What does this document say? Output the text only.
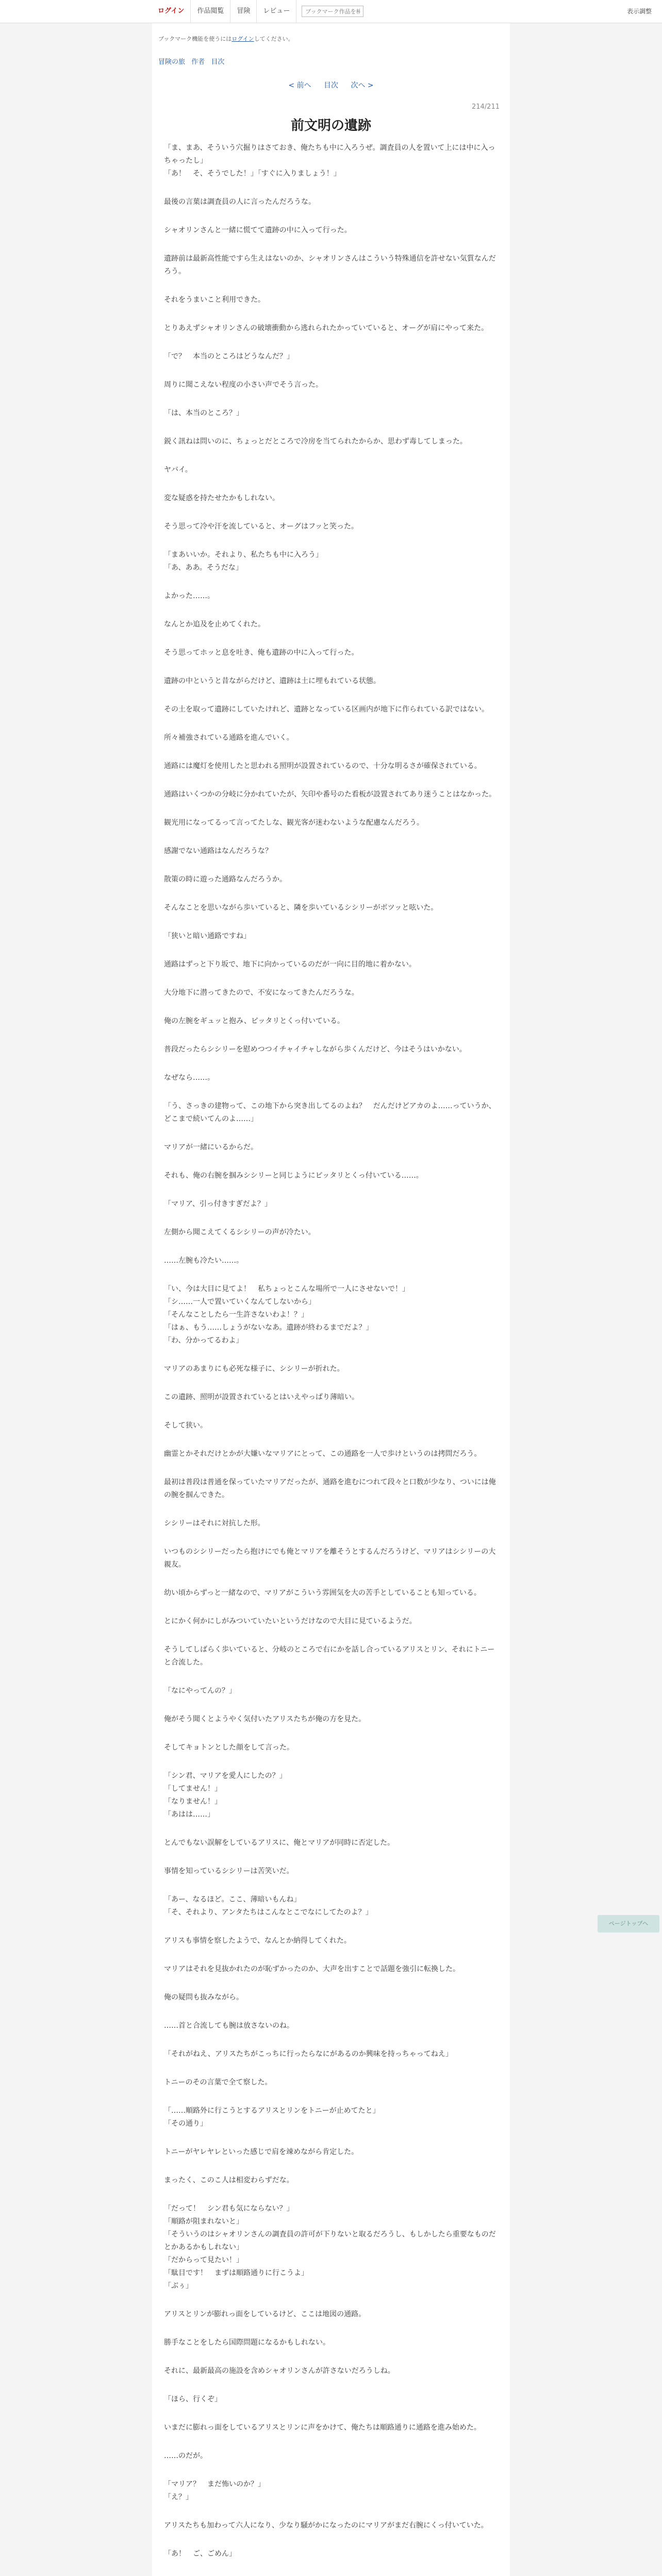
ログイン	作品閲覧	冒険	レビュー
ブックマーク作品を検索	表示調整
ブックマーク機能を使うにはログインしてください。
冒険の旅 作者 目次
< 前へ 目次 次へ >
214/211
前文明の遺跡
「ま、まあ、そういう穴掘りはさておき、俺たちも中に入ろうぜ。調査員の人を置いて上には中に入っちゃったし」
「あ！　そ、そうでした！」「すぐに入りましょう！」
最後の言葉は調査員の人に言ったんだろうな。
シャオリンさんと一緒に慌てて遺跡の中に入って行った。
遺跡前は最新高性能ですら生えはないのか、シャオリンさんはこういう特殊通信を許せない気質なんだろう。
それをうまいこと利用できた。
とりあえずシャオリンさんの破壊衝動から逃れられたかっていていると、オーグが肩にやって来た。
「で？　本当のところはどうなんだ？」
周りに聞こえない程度の小さい声でそう言った。
「は、本当のところ？」
鋭く訊ねは問いのに、ちょっとだところで冷房を当てられたからか、思わず毒してしまった。
ヤバイ。
変な疑惑を持たせたかもしれない。
そう思って冷や汗を流していると、オーグはフッと笑った。
「まあいいか。それより、私たちも中に入ろう」
「あ、ああ。そうだな」
よかった……。
なんとか追及を止めてくれた。
そう思ってホッと息を吐き、俺も遺跡の中に入って行った。
遺跡の中というと昔ながらだけど、遺跡は土に埋もれている状態。
その土を取って遺跡にしていたけれど、遺跡となっている区画内が地下に作られている訳ではない。
所々補強されている通路を進んでいく。
通路には魔灯を使用したと思われる照明が設置されているので、十分な明るさが確保されている。
通路はいくつかの分岐に分かれていたが、矢印や番号のた看板が設置されてあり迷うことはなかった。
観光用になってるって言ってたしな、観光客が迷わないような配慮なんだろう。
感謝でない通路はなんだろうな？
散策の時に遊った通路なんだろうか。
そんなことを思いながら歩いていると、隣を歩いているシシリーがボツッと呟いた。
「狭いと暗い通路ですね」
通路はずっと下り坂で、地下に向かっているのだが一向に目的地に着かない。
大分地下に潜ってきたので、不安になってきたんだろうな。
俺の左腕をギュッと抱み、ピッタリとくっ付いている。
普段だったらシシリーを慰めつつイチャイチャしながら歩くんだけど、今はそうはいかない。
なぜなら……。
「う、さっきの建物って、この地下から突き出してるのよね？　だんだけどアカのよ……っていうか、どこまで続いてんのよ……」
マリアが一緒にいるからだ。
それも、俺の右腕を掴みシシリーと同じようにピッタリとくっ付いている……。
「マリア、引っ付きすぎだよ？」
左側から聞こえてくるシシリーの声が冷たい。
……左腕も冷たい……。
「い、今は大目に見てよ！　私ちょっとこんな場所で一人にさせないで！」
「シ……一人で置いていくなんてしないから」
「そんなことしたら一生許さないわよ！？」
「はぁ、もう……しょうがないなあ。遺跡が終わるまでだよ？」
「わ、分かってるわよ」
マリアのあまりにも必死な様子に、シシリーが折れた。
この遺跡、照明が設置されているとはいえやっぱり薄暗い。
そして狭い。
幽霊とかそれだけとかが大嫌いなマリアにとって、この通路を一人で歩けというのは拷問だろう。
最初は普段は普通を保っていたマリアだったが、通路を進むにつれて段々と口数が少なり、ついには俺の腕を掴んできた。
シシリーはそれに対抗した形。
いつものシシリーだったら抱けにでも俺とマリアを離そうとするんだろうけど、マリアはシシリーの大親友。
幼い頃からずっと一緒なので、マリアがこういう雰囲気を大の苦手としていることも知っている。
とにかく何かにしがみついていたいというだけなので大目に見ているようだ。
そうしてしばらく歩いていると、分岐のところで右にかを話し合っているアリスとリン、それにトニーと合流した。
「なにやってんの？」
俺がそう聞くとようやく気付いたアリスたちが俺の方を見た。
そしてキョトンとした顔をして言った。
「シン君、マリアを愛人にしたの？」
「してません！」
「なりません！」
「あはは……」
とんでもない誤解をしているアリスに、俺とマリアが同時に否定した。
事情を知っているシシリーは苦笑いだ。
「あー、なるほど。ここ、薄暗いもんね」
「そ、それより、アンタたちはこんなとこでなにしてたのよ？」
アリスも事情を察したようで、なんとか納得してくれた。
マリアはそれを見抜かれたのが恥ずかったのか、大声を出すことで話題を強引に転換した。
俺の疑問も抜みながら。
……首と合流しても腕は放さないのね。
「それがねえ、アリスたちがこっちに行ったらなにがあるのか興味を持っちゃってねえ」
トニーのその言葉で全て察した。
「……順路外に行こうとするアリスとリンをトニーが止めてたと」
「その通り」
トニーがヤレヤレといった感じで肩を竦めながら肯定した。
まったく、このこ人は相変わらずだな。
「だって！　シン君も気にならない？」
「順路が阻まれないと」
「そういうのはシャオリンさんの調査員の許可が下りないと取るだろうし、もしかしたら重要なものだとかあるかもしれない」
「だからって見たい！」
「駄目です！　まずは順路通りに行こうよ」
「ぶぅ」
アリスとリンが膨れっ面をしているけど、ここは地図の通路。
勝手なことをしたら国際問題になるかもしれない。
それに、最新最高の施設を含めシャオリンさんが許さないだろうしね。
「ほら、行くぞ」
いまだに膨れっ面をしているアリスとリンに声をかけて、俺たちは順路通りに通路を進み始めた。
……のだが。
「マリア？　まだ怖いのか？」
「え？」
アリスたちも加わって六人になり、少なり騒がかになったのにマリアがまだ右腕にくっ付いていた。
「あ！　ご、ごめん」
ページトップへ
